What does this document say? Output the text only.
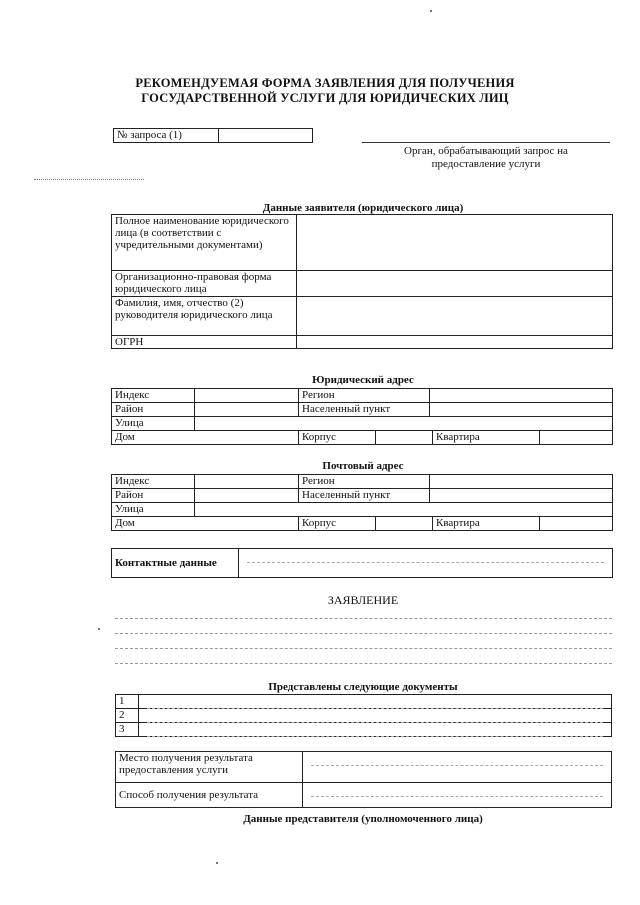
РЕКОМЕНДУЕМАЯ ФОРМА ЗАЯВЛЕНИЯ ДЛЯ ПОЛУЧЕНИЯ
ГОСУДАРСТВЕННОЙ УСЛУГИ ДЛЯ ЮРИДИЧЕСКИХ ЛИЦ
№ запроса (1)	
Орган, обрабатывающий запрос на
предоставление услуги
Данные заявителя (юридического лица)
Полное наименование юридического лица (в соответствии с учредительными документами)	
Организационно-правовая форма юридического лица	
Фамилия, имя, отчество (2) руководителя юридического лица	
ОГРН	
Юридический адрес
Индекс		Регион	
Район		Населенный пункт	
Улица	
Дом		Корпус		Квартира	
Почтовый адрес
Индекс		Регион	
Район		Населенный пункт	
Улица	
Дом		Корпус		Квартира	
Контактные данные	
ЗАЯВЛЕНИЕ
Представлены следующие документы
1	

2	

3	
Место получения результата предоставления услуги	

Способ получения результата	
Данные представителя (уполномоченного лица)
